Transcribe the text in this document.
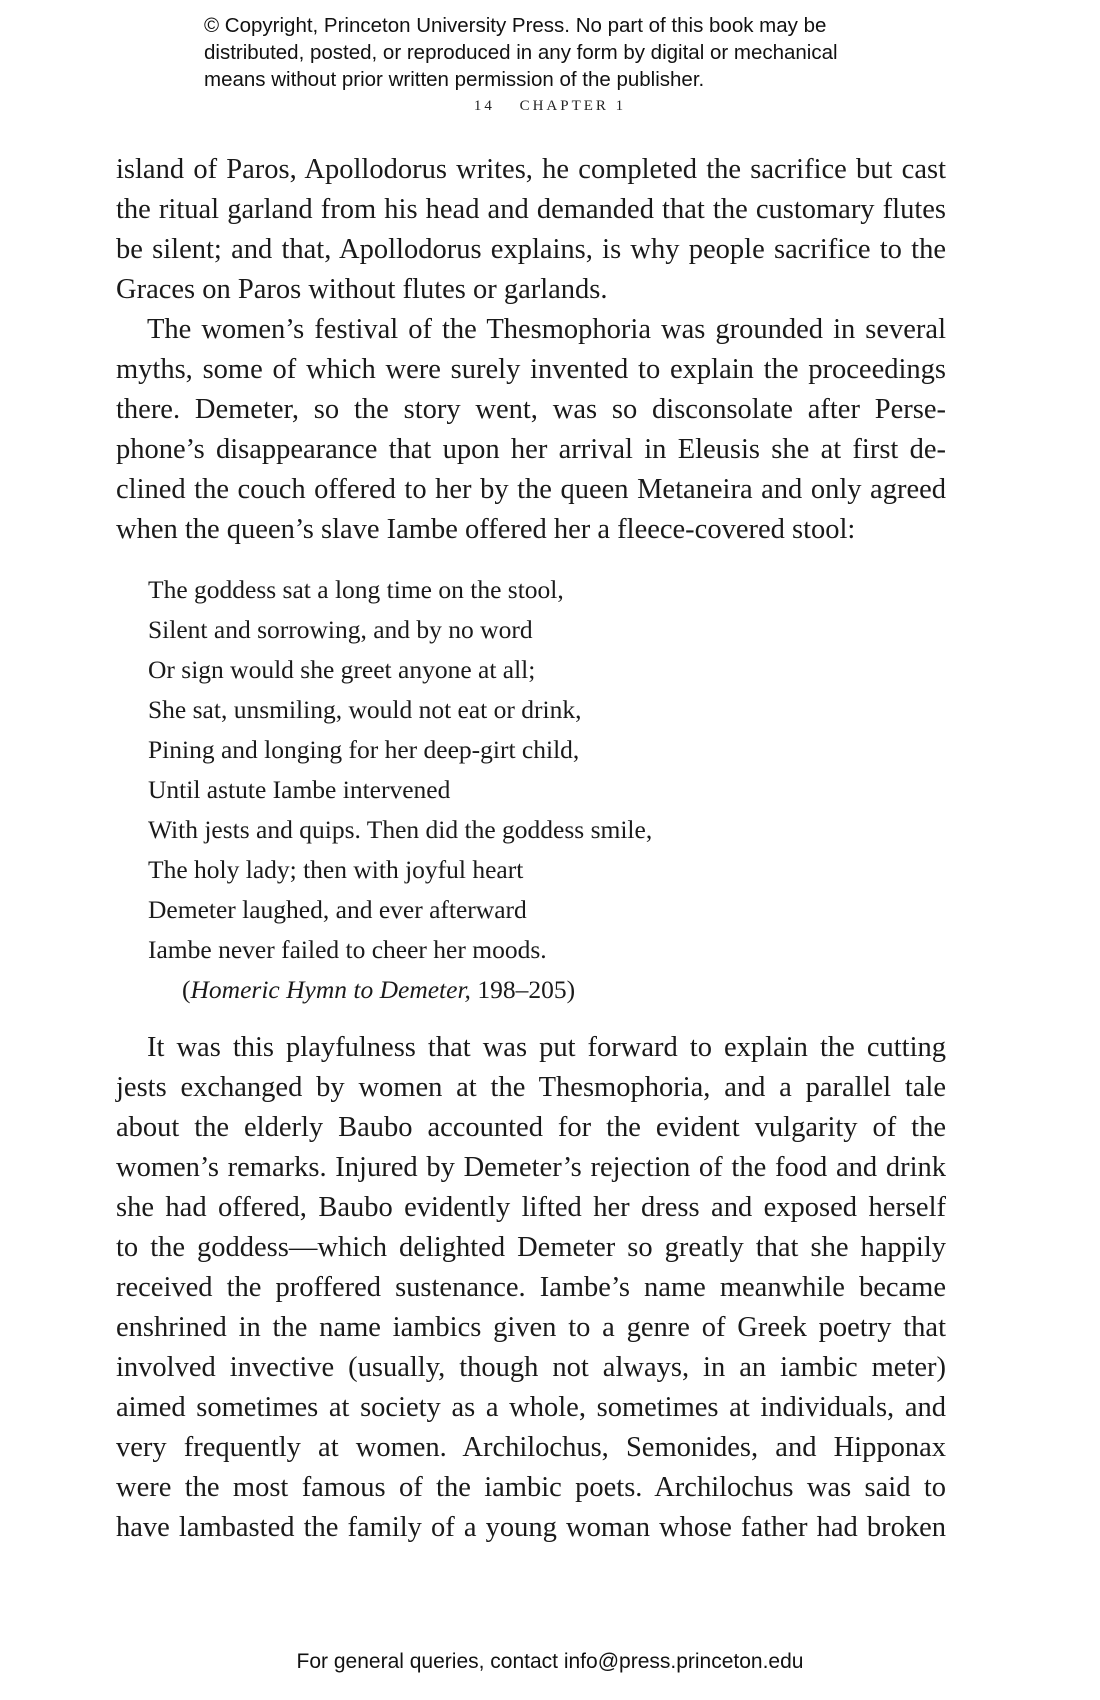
© Copyright, Princeton University Press. No part of this book may be
distributed, posted, or reproduced in any form by digital or mechanical
means without prior written permission of the publisher.
14 CHAPTER 1
island of Paros, Apollodorus writes, he completed the sacrifice but cast
the ritual garland from his head and demanded that the customary flutes
be silent; and that, Apollodorus explains, is why people sacrifice to the
Graces on Paros without flutes or garlands.
The women’s festival of the Thesmophoria was grounded in several
myths, some of which were surely invented to explain the proceedings
there. Demeter, so the story went, was so disconsolate after Perse-
phone’s disappearance that upon her arrival in Eleusis she at first de-
clined the couch offered to her by the queen Metaneira and only agreed
when the queen’s slave Iambe offered her a fleece-covered stool:
The goddess sat a long time on the stool,
Silent and sorrowing, and by no word
Or sign would she greet anyone at all;
She sat, unsmiling, would not eat or drink,
Pining and longing for her deep-girt child,
Until astute Iambe intervened
With jests and quips. Then did the goddess smile,
The holy lady; then with joyful heart
Demeter laughed, and ever afterward
Iambe never failed to cheer her moods.
(Homeric Hymn to Demeter, 198–205)
It was this playfulness that was put forward to explain the cutting
jests exchanged by women at the Thesmophoria, and a parallel tale
about the elderly Baubo accounted for the evident vulgarity of the
women’s remarks. Injured by Demeter’s rejection of the food and drink
she had offered, Baubo evidently lifted her dress and exposed herself
to the goddess—which delighted Demeter so greatly that she happily
received the proffered sustenance. Iambe’s name meanwhile became
enshrined in the name iambics given to a genre of Greek poetry that
involved invective (usually, though not always, in an iambic meter)
aimed sometimes at society as a whole, sometimes at individuals, and
very frequently at women. Archilochus, Semonides, and Hipponax
were the most famous of the iambic poets. Archilochus was said to
have lambasted the family of a young woman whose father had broken
For general queries, contact info@press.princeton.edu
